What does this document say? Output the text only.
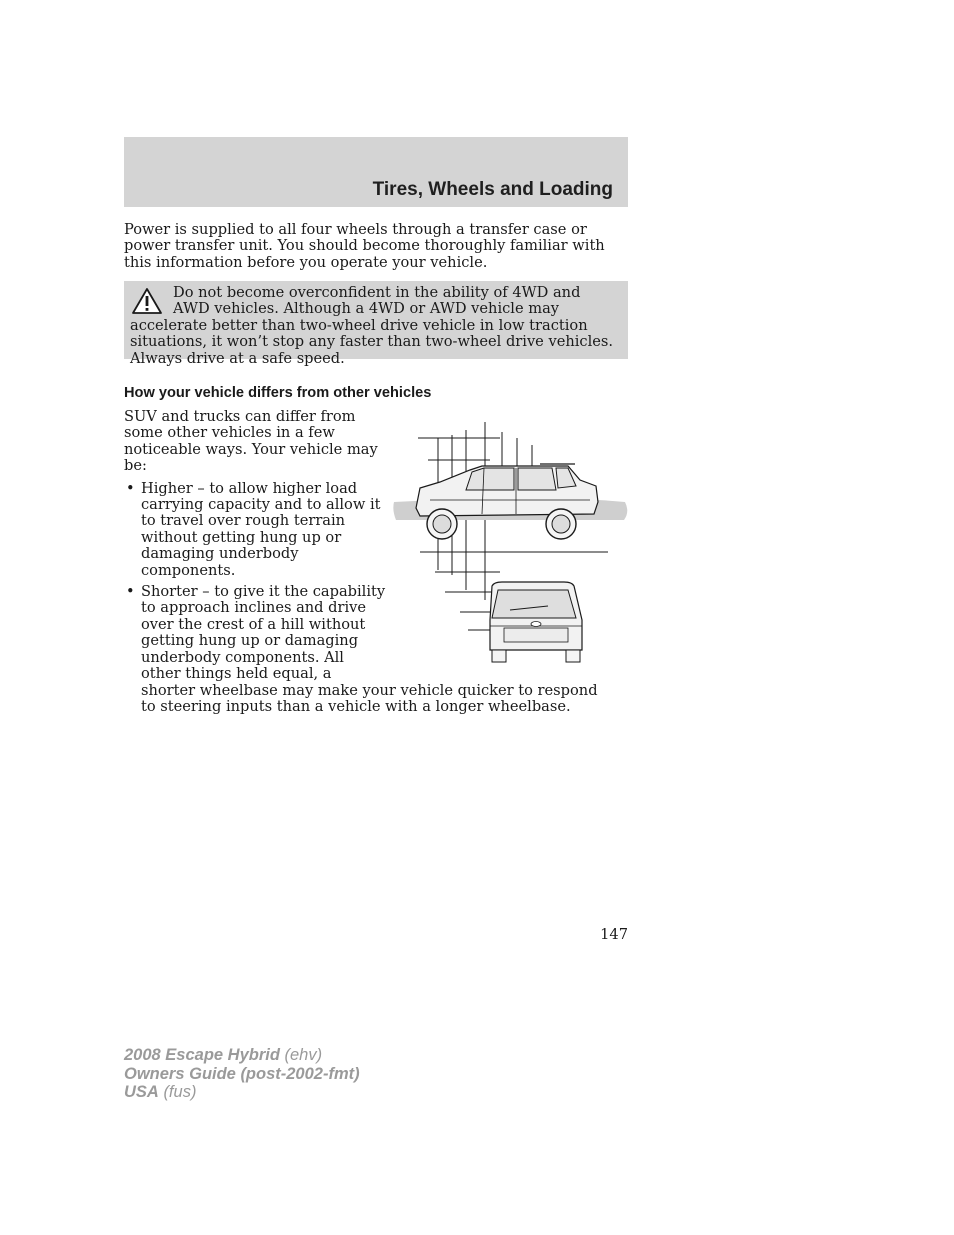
Tires, Wheels and Loading
Power is supplied to all four wheels through a transfer case or power transfer unit. You should become thoroughly familiar with this information before you operate your vehicle.
Do not become overconfident in the ability of 4WD and AWD vehicles. Although a 4WD or AWD vehicle may accelerate better than two-wheel drive vehicle in low traction situations, it won’t stop any faster than two-wheel drive vehicles. Always drive at a safe speed.
How your vehicle differs from other vehicles
SUV and trucks can differ from some other vehicles in a few noticeable ways. Your vehicle may be:
• Higher – to allow higher load carrying capacity and to allow it to travel over rough terrain without getting hung up or damaging underbody components.
• Shorter – to give it the capability to approach inclines and drive over the crest of a hill without getting hung up or damaging underbody components. All other things held equal, a shorter wheelbase may make your vehicle quicker to respond to steering inputs than a vehicle with a longer wheelbase.
147
2008 Escape Hybrid (ehv)
Owners Guide (post-2002-fmt)
USA (fus)
